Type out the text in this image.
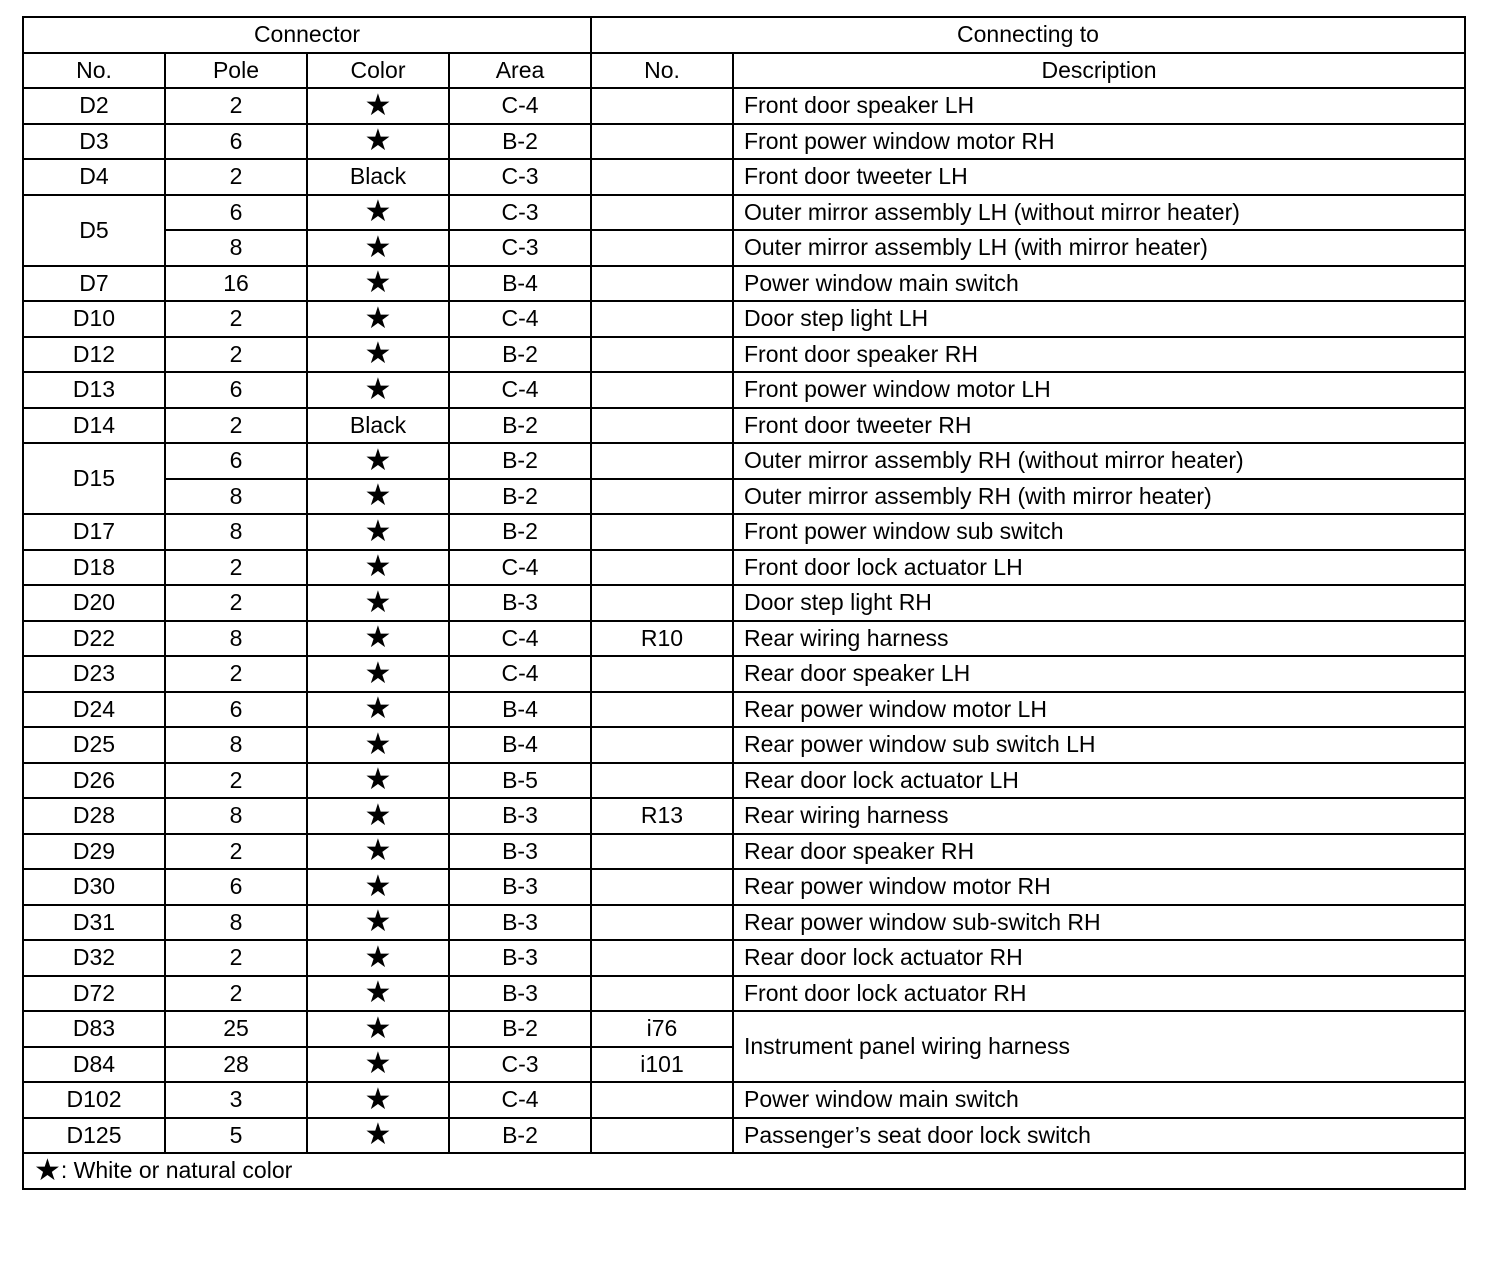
Connector				Connecting to	
No.	Pole	Color	Area	No.	Description
D2	2	★	C-4		Front door speaker LH
D3	6	★	B-2		Front power window motor RH
D4	2	Black	C-3		Front door tweeter LH
D5	6	★	C-3		Outer mirror assembly LH (without mirror heater)
	8	★	C-3		Outer mirror assembly LH (with mirror heater)
D7	16	★	B-4		Power window main switch
D10	2	★	C-4		Door step light LH
D12	2	★	B-2		Front door speaker RH
D13	6	★	C-4		Front power window motor LH
D14	2	Black	B-2		Front door tweeter RH
D15	6	★	B-2		Outer mirror assembly RH (without mirror heater)
	8	★	B-2		Outer mirror assembly RH (with mirror heater)
D17	8	★	B-2		Front power window sub switch
D18	2	★	C-4		Front door lock actuator LH
D20	2	★	B-3		Door step light RH
D22	8	★	C-4	R10	Rear wiring harness
D23	2	★	C-4		Rear door speaker LH
D24	6	★	B-4		Rear power window motor LH
D25	8	★	B-4		Rear power window sub switch LH
D26	2	★	B-5		Rear door lock actuator LH
D28	8	★	B-3	R13	Rear wiring harness
D29	2	★	B-3		Rear door speaker RH
D30	6	★	B-3		Rear power window motor RH
D31	8	★	B-3		Rear power window sub-switch RH
D32	2	★	B-3		Rear door lock actuator RH
D72	2	★	B-3		Front door lock actuator RH
D83	25	★	B-2	i76	Instrument panel wiring harness
D84	28	★	C-3	i101	
D102	3	★	C-4		Power window main switch
D125	5	★	B-2		Passenger’s seat door lock switch
★: White or natural color					
